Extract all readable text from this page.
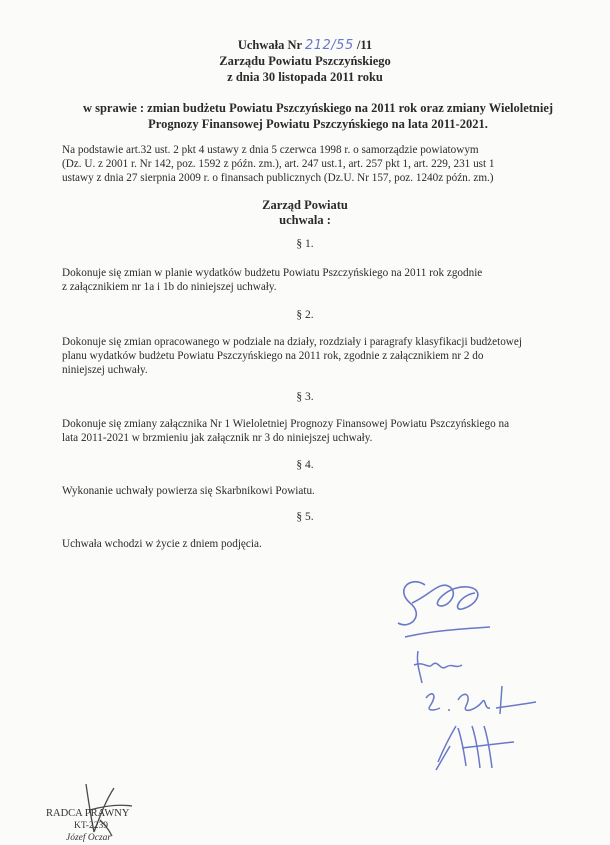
Uchwała Nr 212/55 /11
Zarządu Powiatu Pszczyńskiego
z dnia 30 listopada 2011 roku
w sprawie : zmian budżetu Powiatu Pszczyńskiego na 2011 rok oraz zmiany Wieloletniej
Prognozy Finansowej Powiatu Pszczyńskiego na lata 2011-2021.
Na podstawie art.32 ust. 2 pkt 4 ustawy z dnia 5 czerwca 1998 r. o samorządzie powiatowym
(Dz. U. z 2001 r. Nr 142, poz. 1592 z późn. zm.), art. 247 ust.1, art. 257 pkt 1, art. 229, 231 ust 1
ustawy z dnia 27 sierpnia 2009 r. o finansach publicznych (Dz.U. Nr 157, poz. 1240z późn. zm.)
Zarząd Powiatu
uchwala :
§ 1.
Dokonuje się zmian w planie wydatków budżetu Powiatu Pszczyńskiego na 2011 rok zgodnie
z załącznikiem nr 1a i 1b do niniejszej uchwały.
§ 2.
Dokonuje się zmian opracowanego w podziale na działy, rozdziały i paragrafy klasyfikacji budżetowej
planu wydatków budżetu Powiatu Pszczyńskiego na 2011 rok, zgodnie z załącznikiem nr 2 do
niniejszej uchwały.
§ 3.
Dokonuje się zmiany załącznika Nr 1 Wieloletniej Prognozy Finansowej Powiatu Pszczyńskiego na
lata 2011-2021 w brzmieniu jak załącznik nr 3 do niniejszej uchwały.
§ 4.
Wykonanie uchwały powierza się Skarbnikowi Powiatu.
§ 5.
Uchwała wchodzi w życie z dniem podjęcia.
RADCA PRAWNY
KT-2239
Józef Oczar
